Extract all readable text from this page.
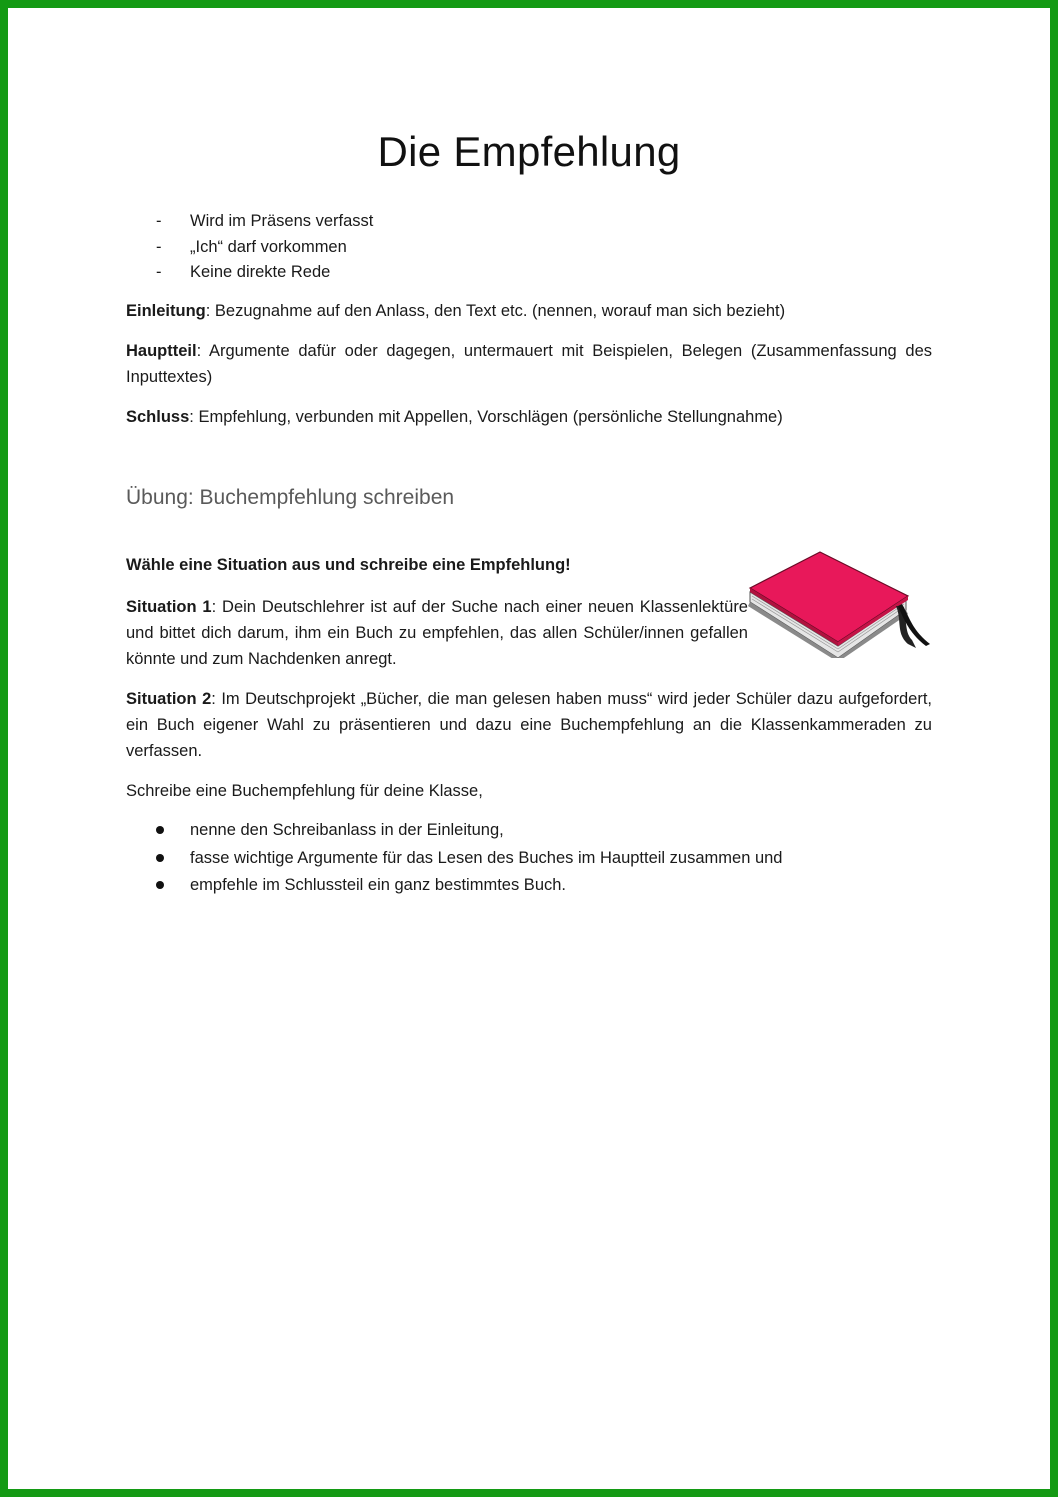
Die Empfehlung
- Wird im Präsens verfasst
- „Ich“ darf vorkommen
- Keine direkte Rede

Einleitung: Bezugnahme auf den Anlass, den Text etc. (nennen, worauf man sich bezieht)

Hauptteil: Argumente dafür oder dagegen, untermauert mit Beispielen, Belegen (Zusammenfassung des Inputtextes)

Schluss: Empfehlung, verbunden mit Appellen, Vorschlägen (persönliche Stellungnahme)

Übung: Buchempfehlung schreiben

Wähle eine Situation aus und schreibe eine Empfehlung!

Situation 1: Dein Deutschlehrer ist auf der Suche nach einer neuen Klassenlektüre und bittet dich darum, ihm ein Buch zu empfehlen, das allen Schüler/innen gefallen könnte und zum Nachdenken anregt.

Situation 2: Im Deutschprojekt „Bücher, die man gelesen haben muss“ wird jeder Schüler dazu aufgefordert, ein Buch eigener Wahl zu präsentieren und dazu eine Buchempfehlung an die Klassenkammeraden zu verfassen.

Schreibe eine Buchempfehlung für deine Klasse,

nenne den Schreibanlass in der Einleitung,
fasse wichtige Argumente für das Lesen des Buches im Hauptteil zusammen und
empfehle im Schlussteil ein ganz bestimmtes Buch.
